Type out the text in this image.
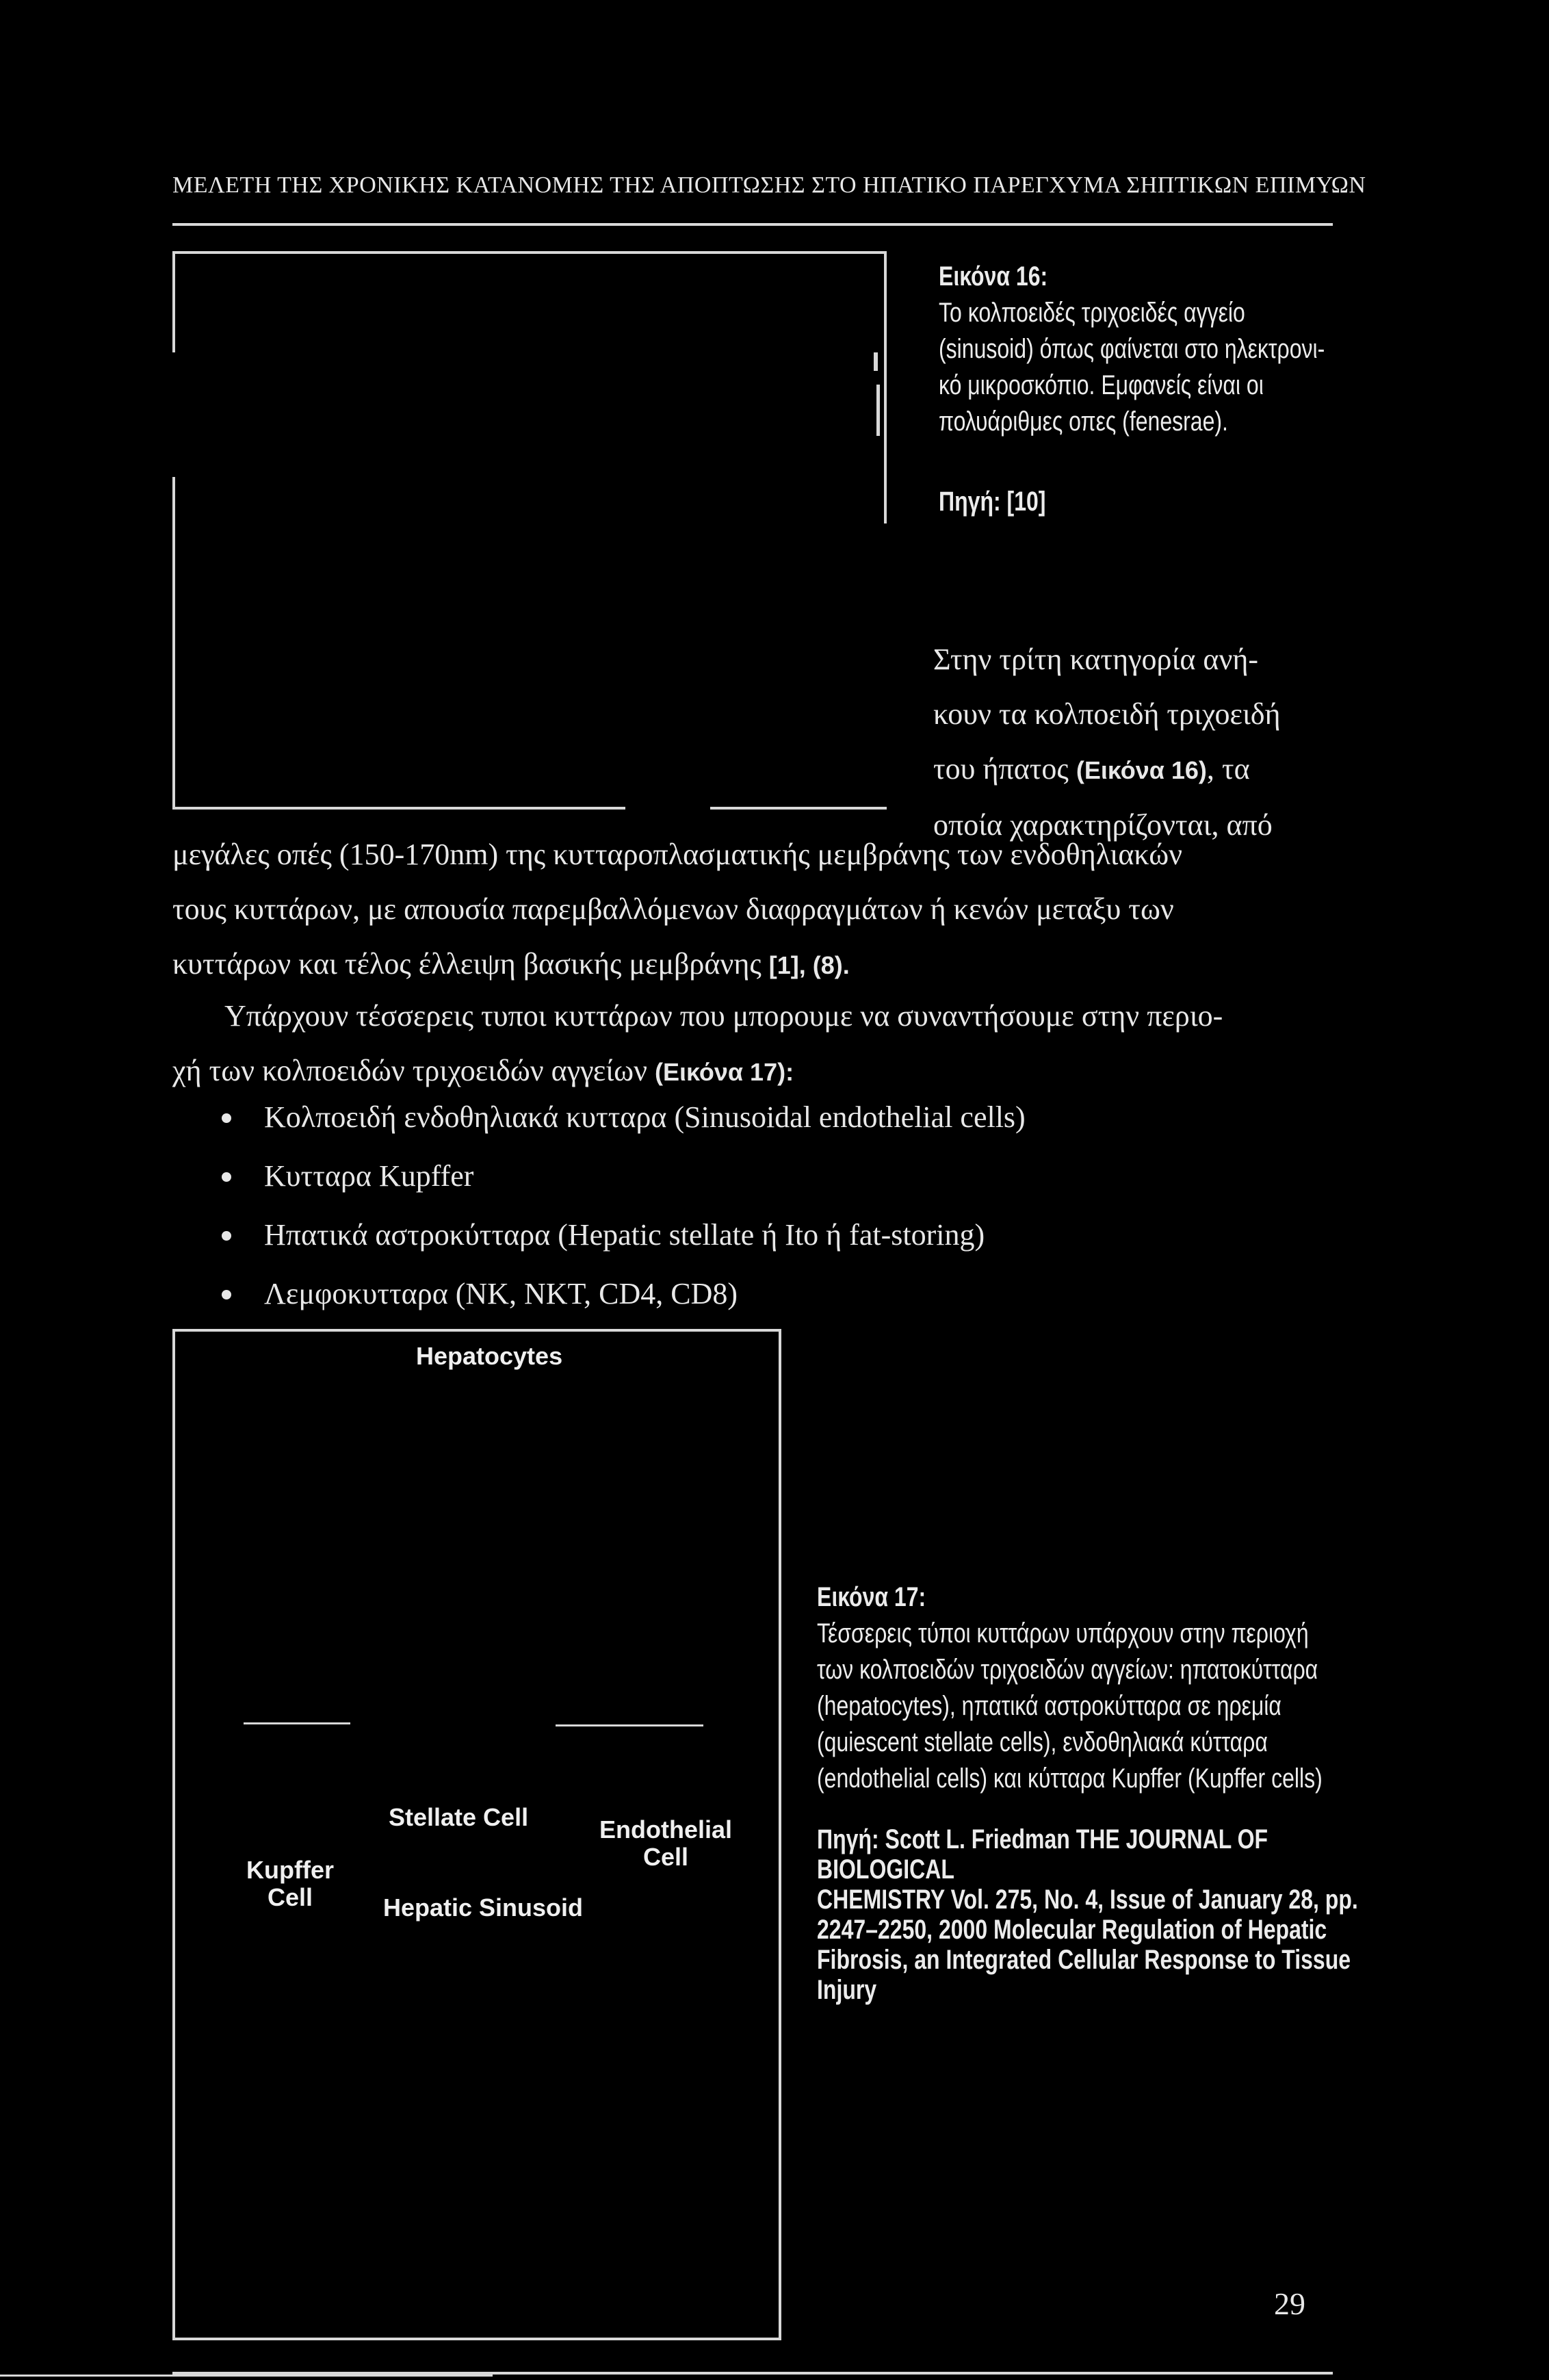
ΜΕΛΕΤΗ ΤΗΣ ΧΡΟΝΙΚΗΣ ΚΑΤΑΝΟΜΗΣ ΤΗΣ ΑΠΟΠΤΩΣΗΣ ΣΤΟ ΗΠΑΤΙΚΟ ΠΑΡΕΓΧΥΜΑ ΣΗΠΤΙΚΩΝ ΕΠΙΜΥΩΝ
Εικόνα 16:
Το κολποειδές τριχοειδές αγγείο
(sinusoid) όπως φαίνεται στο ηλεκτρονι-
κό μικροσκόπιο. Εμφανείς είναι οι
πολυάριθμες οπες (fenesrae).
Πηγή: [10]
Στην τρίτη κατηγορία ανή-
κουν τα κολποειδή τριχοειδή
του ήπατος (Εικόνα 16), τα
οποία χαρακτηρίζονται, από
μεγάλες οπές (150-170nm) της κυτταροπλασματικής μεμβράνης των ενδοθηλιακών
τους κυττάρων, με απουσία παρεμβαλλόμενων διαφραγμάτων ή κενών μεταξυ των
κυττάρων και τέλος έλλειψη βασικής μεμβράνης [1], (8).
Υπάρχουν τέσσερεις τυποι κυττάρων που μπορουμε να συναντήσουμε στην περιο-
χή των κολποειδών τριχοειδών αγγείων (Εικόνα 17):
Κολποειδή ενδοθηλιακά κυτταρα (Sinusoidal endothelial cells)
Κυτταρα Kupffer
Ηπατικά αστροκύτταρα (Hepatic stellate ή Ito ή fat-storing)
Λεμφοκυτταρα (NK, NKT, CD4, CD8)
Hepatocytes
Stellate Cell	Endothelial
Cell
Kupffer
Cell	Hepatic Sinusoid
Εικόνα 17:
Τέσσερεις τύποι κυττάρων υπάρχουν στην περιοχή
των κολποειδών τριχοειδών αγγείων: ηπατοκύτταρα
(hepatocytes), ηπατικά αστροκύτταρα σε ηρεμία
(quiescent stellate cells), ενδοθηλιακά κύτταρα
(endothelial cells) και κύτταρα Kupffer (Kupffer cells)
Πηγή: Scott L. Friedman THE JOURNAL OF BIOLOGICAL
CHEMISTRY Vol. 275, No. 4, Issue of January 28, pp.
2247–2250, 2000 Molecular Regulation of Hepatic
Fibrosis, an Integrated Cellular Response to Tissue Injury
29
